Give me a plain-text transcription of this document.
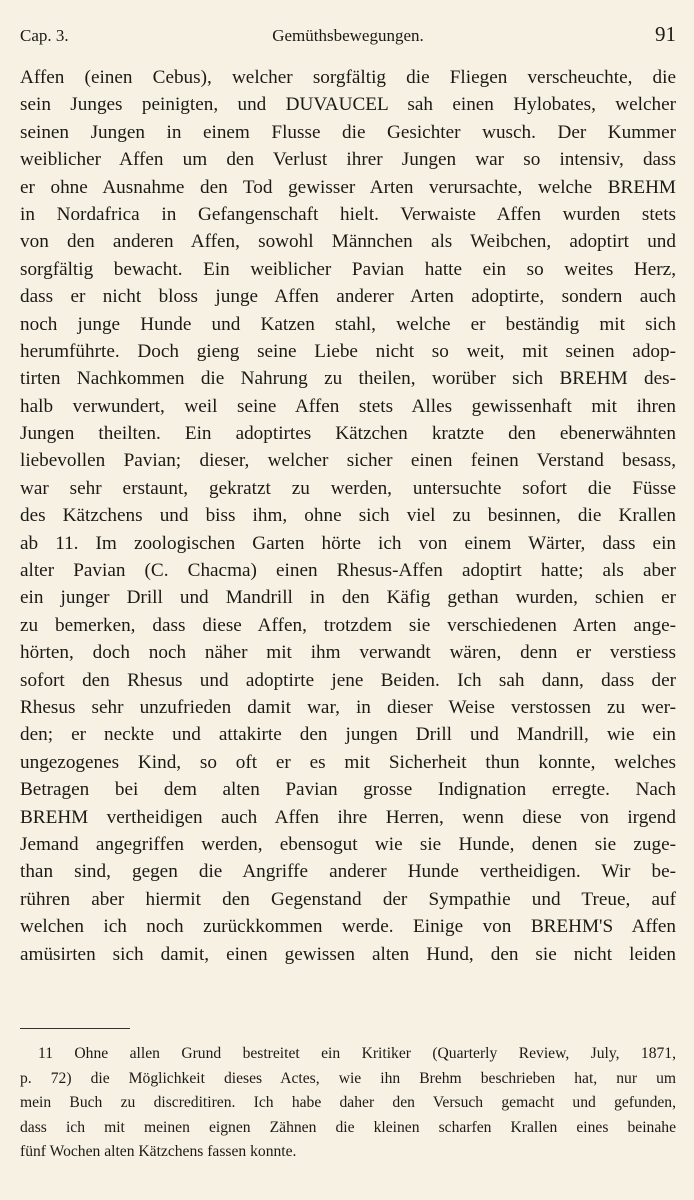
Cap. 3.	Gemüthsbewegungen.	91
Affen (einen Cebus), welcher sorgfältig die Fliegen verscheuchte, die
sein Junges peinigten, und DUVAUCEL sah einen Hylobates, welcher
seinen Jungen in einem Flusse die Gesichter wusch. Der Kummer
weiblicher Affen um den Verlust ihrer Jungen war so intensiv, dass
er ohne Ausnahme den Tod gewisser Arten verursachte, welche BREHM
in Nordafrica in Gefangenschaft hielt. Verwaiste Affen wurden stets
von den anderen Affen, sowohl Männchen als Weibchen, adoptirt und
sorgfältig bewacht. Ein weiblicher Pavian hatte ein so weites Herz,
dass er nicht bloss junge Affen anderer Arten adoptirte, sondern auch
noch junge Hunde und Katzen stahl, welche er beständig mit sich
herumführte. Doch gieng seine Liebe nicht so weit, mit seinen adop-
tirten Nachkommen die Nahrung zu theilen, worüber sich BREHM des-
halb verwundert, weil seine Affen stets Alles gewissenhaft mit ihren
Jungen theilten. Ein adoptirtes Kätzchen kratzte den ebenerwähnten
liebevollen Pavian; dieser, welcher sicher einen feinen Verstand besass,
war sehr erstaunt, gekratzt zu werden, untersuchte sofort die Füsse
des Kätzchens und biss ihm, ohne sich viel zu besinnen, die Krallen
ab 11. Im zoologischen Garten hörte ich von einem Wärter, dass ein
alter Pavian (C. Chacma) einen Rhesus-Affen adoptirt hatte; als aber
ein junger Drill und Mandrill in den Käfig gethan wurden, schien er
zu bemerken, dass diese Affen, trotzdem sie verschiedenen Arten ange-
hörten, doch noch näher mit ihm verwandt wären, denn er verstiess
sofort den Rhesus und adoptirte jene Beiden. Ich sah dann, dass der
Rhesus sehr unzufrieden damit war, in dieser Weise verstossen zu wer-
den; er neckte und attakirte den jungen Drill und Mandrill, wie ein
ungezogenes Kind, so oft er es mit Sicherheit thun konnte, welches
Betragen bei dem alten Pavian grosse Indignation erregte. Nach
BREHM vertheidigen auch Affen ihre Herren, wenn diese von irgend
Jemand angegriffen werden, ebensogut wie sie Hunde, denen sie zuge-
than sind, gegen die Angriffe anderer Hunde vertheidigen. Wir be-
rühren aber hiermit den Gegenstand der Sympathie und Treue, auf
welchen ich noch zurückkommen werde. Einige von BREHM'S Affen
amüsirten sich damit, einen gewissen alten Hund, den sie nicht leiden
11 Ohne allen Grund bestreitet ein Kritiker (Quarterly Review, July, 1871,
p. 72) die Möglichkeit dieses Actes, wie ihn Brehm beschrieben hat, nur um
mein Buch zu discreditiren. Ich habe daher den Versuch gemacht und gefunden,
dass ich mit meinen eignen Zähnen die kleinen scharfen Krallen eines beinahe
fünf Wochen alten Kätzchens fassen konnte.
